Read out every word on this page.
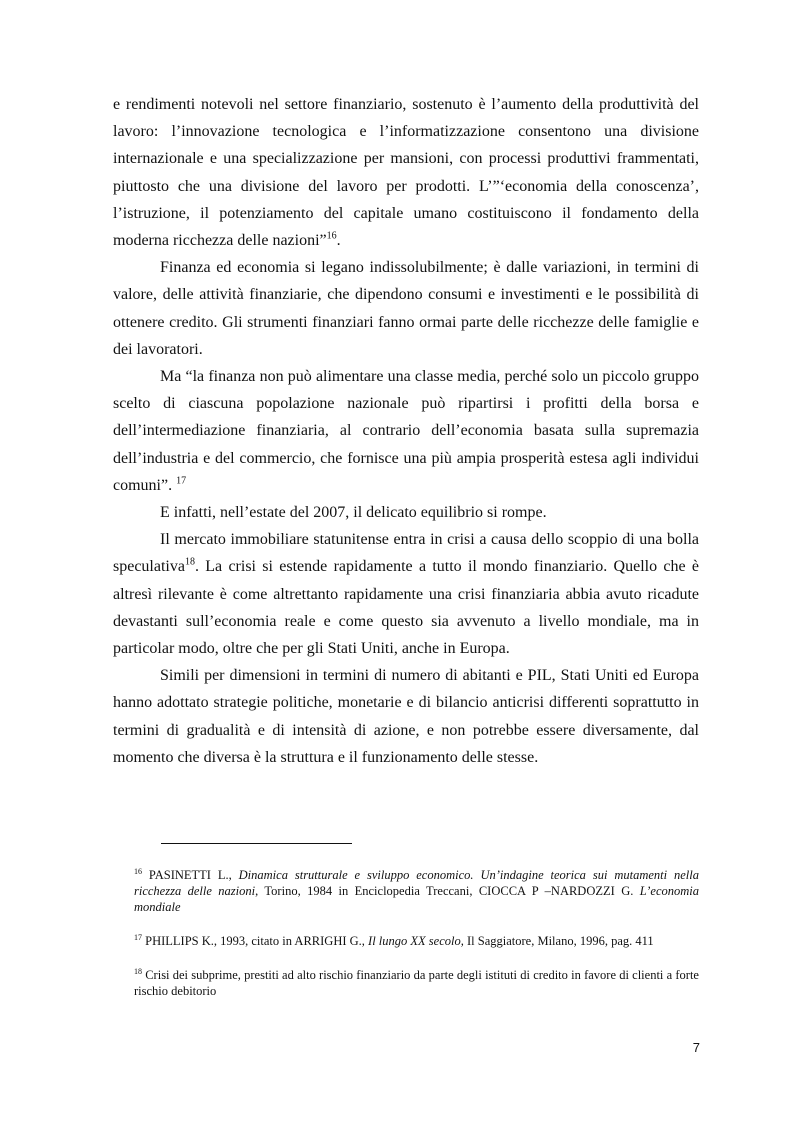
e rendimenti notevoli nel settore finanziario, sostenuto è l’aumento della produttività del lavoro: l’innovazione tecnologica e l’informatizzazione consentono una divisione internazionale e una specializzazione per mansioni, con processi produttivi frammentati, piuttosto che una divisione del lavoro per prodotti. L’”‘economia della conoscenza’, l’istruzione, il potenziamento del capitale umano costituiscono il fondamento della moderna ricchezza delle nazioni”$^{16}$.

Finanza ed economia si legano indissolubilmente; è dalle variazioni, in termini di valore, delle attività finanziarie, che dipendono consumi e investimenti e le possibilità di ottenere credito. Gli strumenti finanziari fanno ormai parte delle ricchezze delle famiglie e dei lavoratori.

Ma “la finanza non può alimentare una classe media, perché solo un piccolo gruppo scelto di ciascuna popolazione nazionale può ripartirsi i profitti della borsa e dell’intermediazione finanziaria, al contrario dell’economia basata sulla supremazia dell’industria e del commercio, che fornisce una più ampia prosperità estesa agli individui comuni”. $^{17}$

E infatti, nell’estate del 2007, il delicato equilibrio si rompe.

Il mercato immobiliare statunitense entra in crisi a causa dello scoppio di una bolla speculativa$^{18}$. La crisi si estende rapidamente a tutto il mondo finanziario. Quello che è altresì rilevante è come altrettanto rapidamente una crisi finanziaria abbia avuto ricadute devastanti sull’economia reale e come questo sia avvenuto a livello mondiale, ma in particolar modo, oltre che per gli Stati Uniti, anche in Europa.

Simili per dimensioni in termini di numero di abitanti e PIL, Stati Uniti ed Europa hanno adottato strategie politiche, monetarie e di bilancio anticrisi differenti soprattutto in termini di gradualità e di intensità di azione, e non potrebbe essere diversamente, dal momento che diversa è la struttura e il funzionamento delle stesse.

$^{16}$ PASINETTI L., Dinamica strutturale e sviluppo economico. Un’indagine teorica sui mutamenti nella ricchezza delle nazioni, Torino, 1984 in Enciclopedia Treccani, CIOCCA P –NARDOZZI G. L’economia mondiale

$^{17}$ PHILLIPS K., 1993, citato in ARRIGHI G., Il lungo XX secolo, Il Saggiatore, Milano, 1996, pag. 411

$^{18}$ Crisi dei subprime, prestiti ad alto rischio finanziario da parte degli istituti di credito in favore di clienti a forte rischio debitorio

7
